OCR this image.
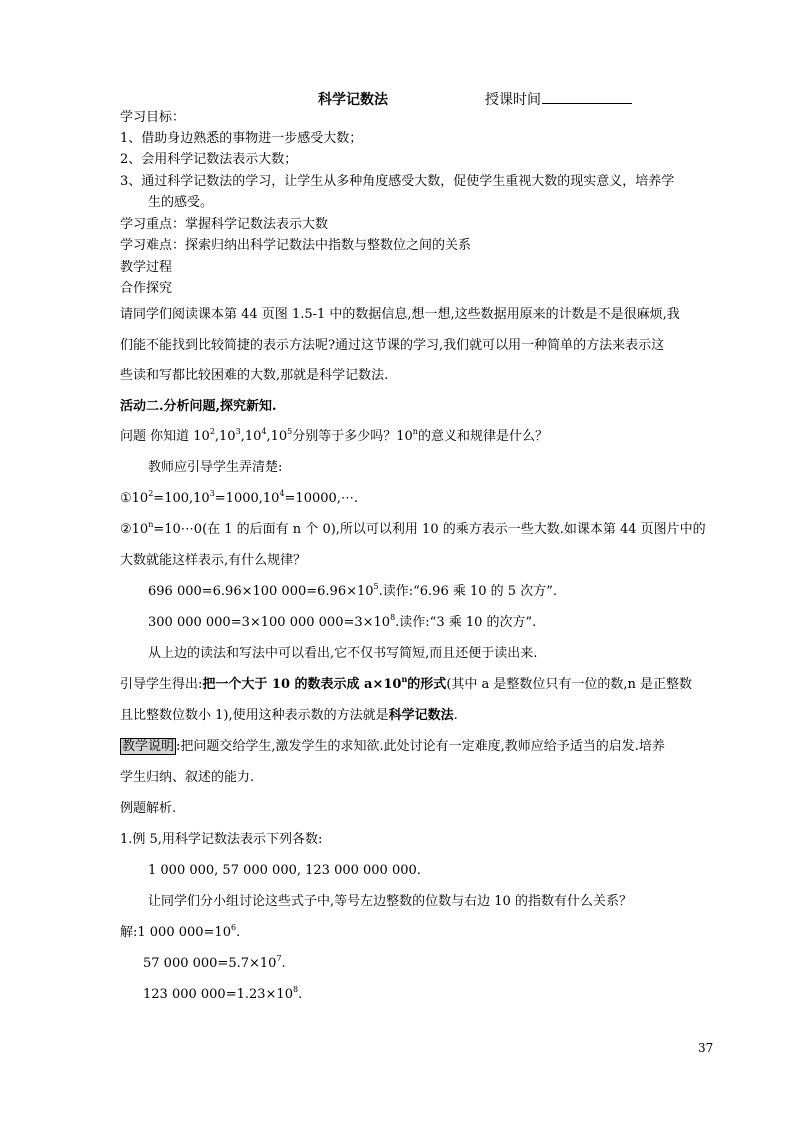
科学记数法	授课时间
学习目标：
1、借助身边熟悉的事物进一步感受大数；
2、会用科学记数法表示大数；
3、通过科学记数法的学习，让学生从多种角度感受大数，促使学生重视大数的现实意义，培养学
生的感受。
学习重点：掌握科学记数法表示大数
学习难点：探索归纳出科学记数法中指数与整数位之间的关系
教学过程
合作探究
请同学们阅读课本第 44 页图 1.5-1 中的数据信息,想一想,这些数据用原来的计数是不是很麻烦,我
们能不能找到比较简捷的表示方法呢?通过这节课的学习,我们就可以用一种简单的方法来表示这
些读和写都比较困难的大数,那就是科学记数法.
活动二.分析问题,探究新知.
问题 你知道 $10^2,10^3,10^4,10^5$分别等于多少吗？10$^n$的意义和规律是什么？
教师应引导学生弄清楚:
$①10^2=100,10^3=1000,10^4=10000,\cdots$.
$②10^n=10\cdots 0$(在 1 的后面有 n 个 0),所以可以利用 10 的乘方表示一些大数.如课本第 44 页图片中的
大数就能这样表示,有什么规律？
696 000=6.96×100 $000=6.96\times 10^5$.读作:“6.96 乘 10 的 5 次方”.
300 000 000=3×100 000 $000=3\times 10^8$.读作:“3 乘 10 的次方”.
从上边的读法和写法中可以看出,它不仅书写简短,而且还便于读出来.
引导学生得出:把一个大于 10 的数表示成 $a\times 10^n$的形式(其中 a 是整数位只有一位的数,n 是正整数
且比整数位数小 1),使用这种表示数的方法就是科学记数法.
教学说明 :把问题交给学生,激发学生的求知欲.此处讨论有一定难度,教师应给予适当的启发.培养
学生归纳、叙述的能力.
例题解析.
1.例 5,用科学记数法表示下列各数:
1 000 000, 57 000 000, 123 000 000 000.
让同学们分小组讨论这些式子中,等号左边整数的位数与右边 10 的指数有什么关系？
解:1 000 $000=10^6$.
57 000 $000=5.7\times 10^7$.
123 000 $000=1.23\times 10^8$.
37
